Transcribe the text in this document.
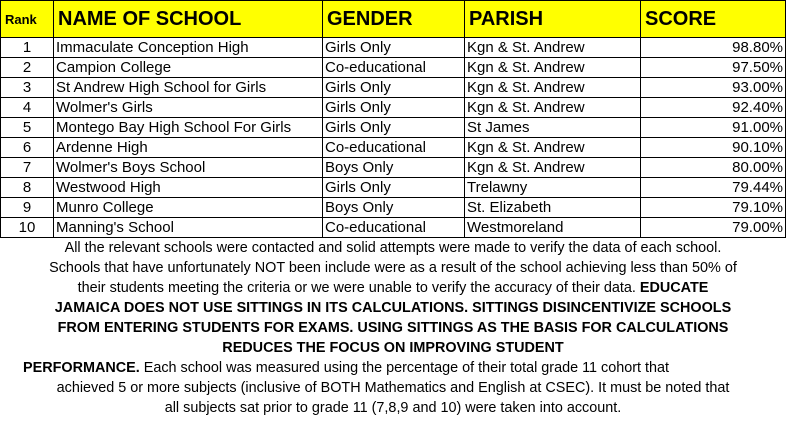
Rank	NAME OF SCHOOL	GENDER	PARISH	SCORE
1	Immaculate Conception High	Girls Only	Kgn & St. Andrew	98.80%
2	Campion College	Co-educational	Kgn & St. Andrew	97.50%
3	St Andrew High School for Girls	Girls Only	Kgn & St. Andrew	93.00%
4	Wolmer's Girls	Girls Only	Kgn & St. Andrew	92.40%
5	Montego Bay High School For Girls	Girls Only	St James	91.00%
6	Ardenne High	Co-educational	Kgn & St. Andrew	90.10%
7	Wolmer's Boys School	Boys Only	Kgn & St. Andrew	80.00%
8	Westwood High	Girls Only	Trelawny	79.44%
9	Munro College	Boys Only	St. Elizabeth	79.10%
10	Manning's School	Co-educational	Westmoreland	79.00%
All the relevant schools were contacted and solid attempts were made to verify the data of each school.
Schools that have unfortunately NOT been include were as a result of the school achieving less than 50% of
their students meeting the criteria or we were unable to verify the accuracy of their data. EDUCATE
JAMAICA DOES NOT USE SITTINGS IN ITS CALCULATIONS. SITTINGS DISINCENTIVIZE SCHOOLS
FROM ENTERING STUDENTS FOR EXAMS. USING SITTINGS AS THE BASIS FOR CALCULATIONS
REDUCES THE FOCUS ON IMPROVING STUDENT
PERFORMANCE. Each school was measured using the percentage of their total grade 11 cohort that
achieved 5 or more subjects (inclusive of BOTH Mathematics and English at CSEC). It must be noted that
all subjects sat prior to grade 11 (7,8,9 and 10) were taken into account.
